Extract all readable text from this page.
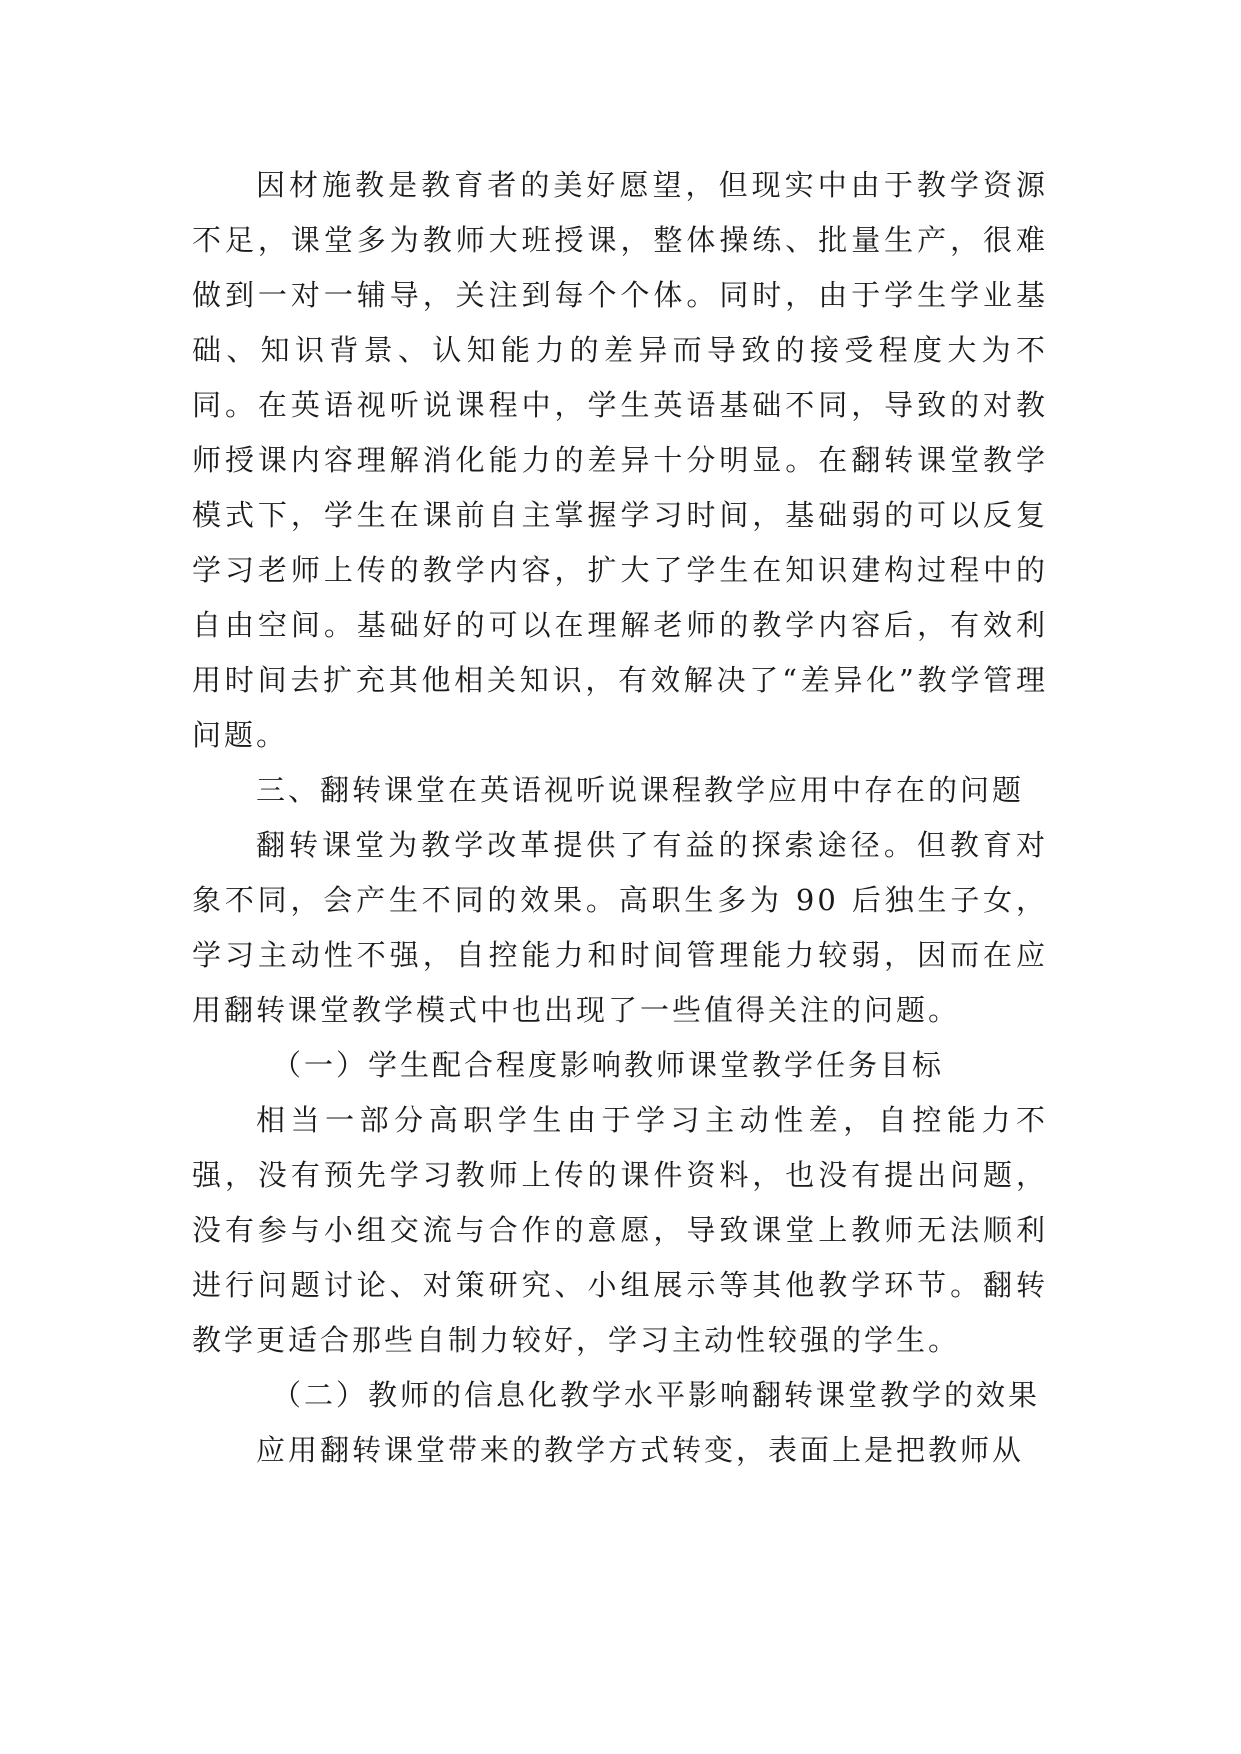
因材施教是教育者的美好愿望，但现实中由于教学资源不足，课堂多为教师大班授课，整体操练、批量生产，很难做到一对一辅导，关注到每个个体。同时，由于学生学业基础、知识背景、认知能力的差异而导致的接受程度大为不同。在英语视听说课程中，学生英语基础不同，导致的对教师授课内容理解消化能力的差异十分明显。在翻转课堂教学模式下，学生在课前自主掌握学习时间，基础弱的可以反复学习老师上传的教学内容，扩大了学生在知识建构过程中的自由空间。基础好的可以在理解老师的教学内容后，有效利用时间去扩充其他相关知识，有效解决了“差异化”教学管理问题。

三、翻转课堂在英语视听说课程教学应用中存在的问题

翻转课堂为教学改革提供了有益的探索途径。但教育对象不同，会产生不同的效果。高职生多为 90 后独生子女，学习主动性不强，自控能力和时间管理能力较弱，因而在应用翻转课堂教学模式中也出现了一些值得关注的问题。

（一）学生配合程度影响教师课堂教学任务目标

相当一部分高职学生由于学习主动性差，自控能力不强，没有预先学习教师上传的课件资料，也没有提出问题，没有参与小组交流与合作的意愿，导致课堂上教师无法顺利进行问题讨论、对策研究、小组展示等其他教学环节。翻转教学更适合那些自制力较好，学习主动性较强的学生。

（二）教师的信息化教学水平影响翻转课堂教学的效果

应用翻转课堂带来的教学方式转变，表面上是把教师从
